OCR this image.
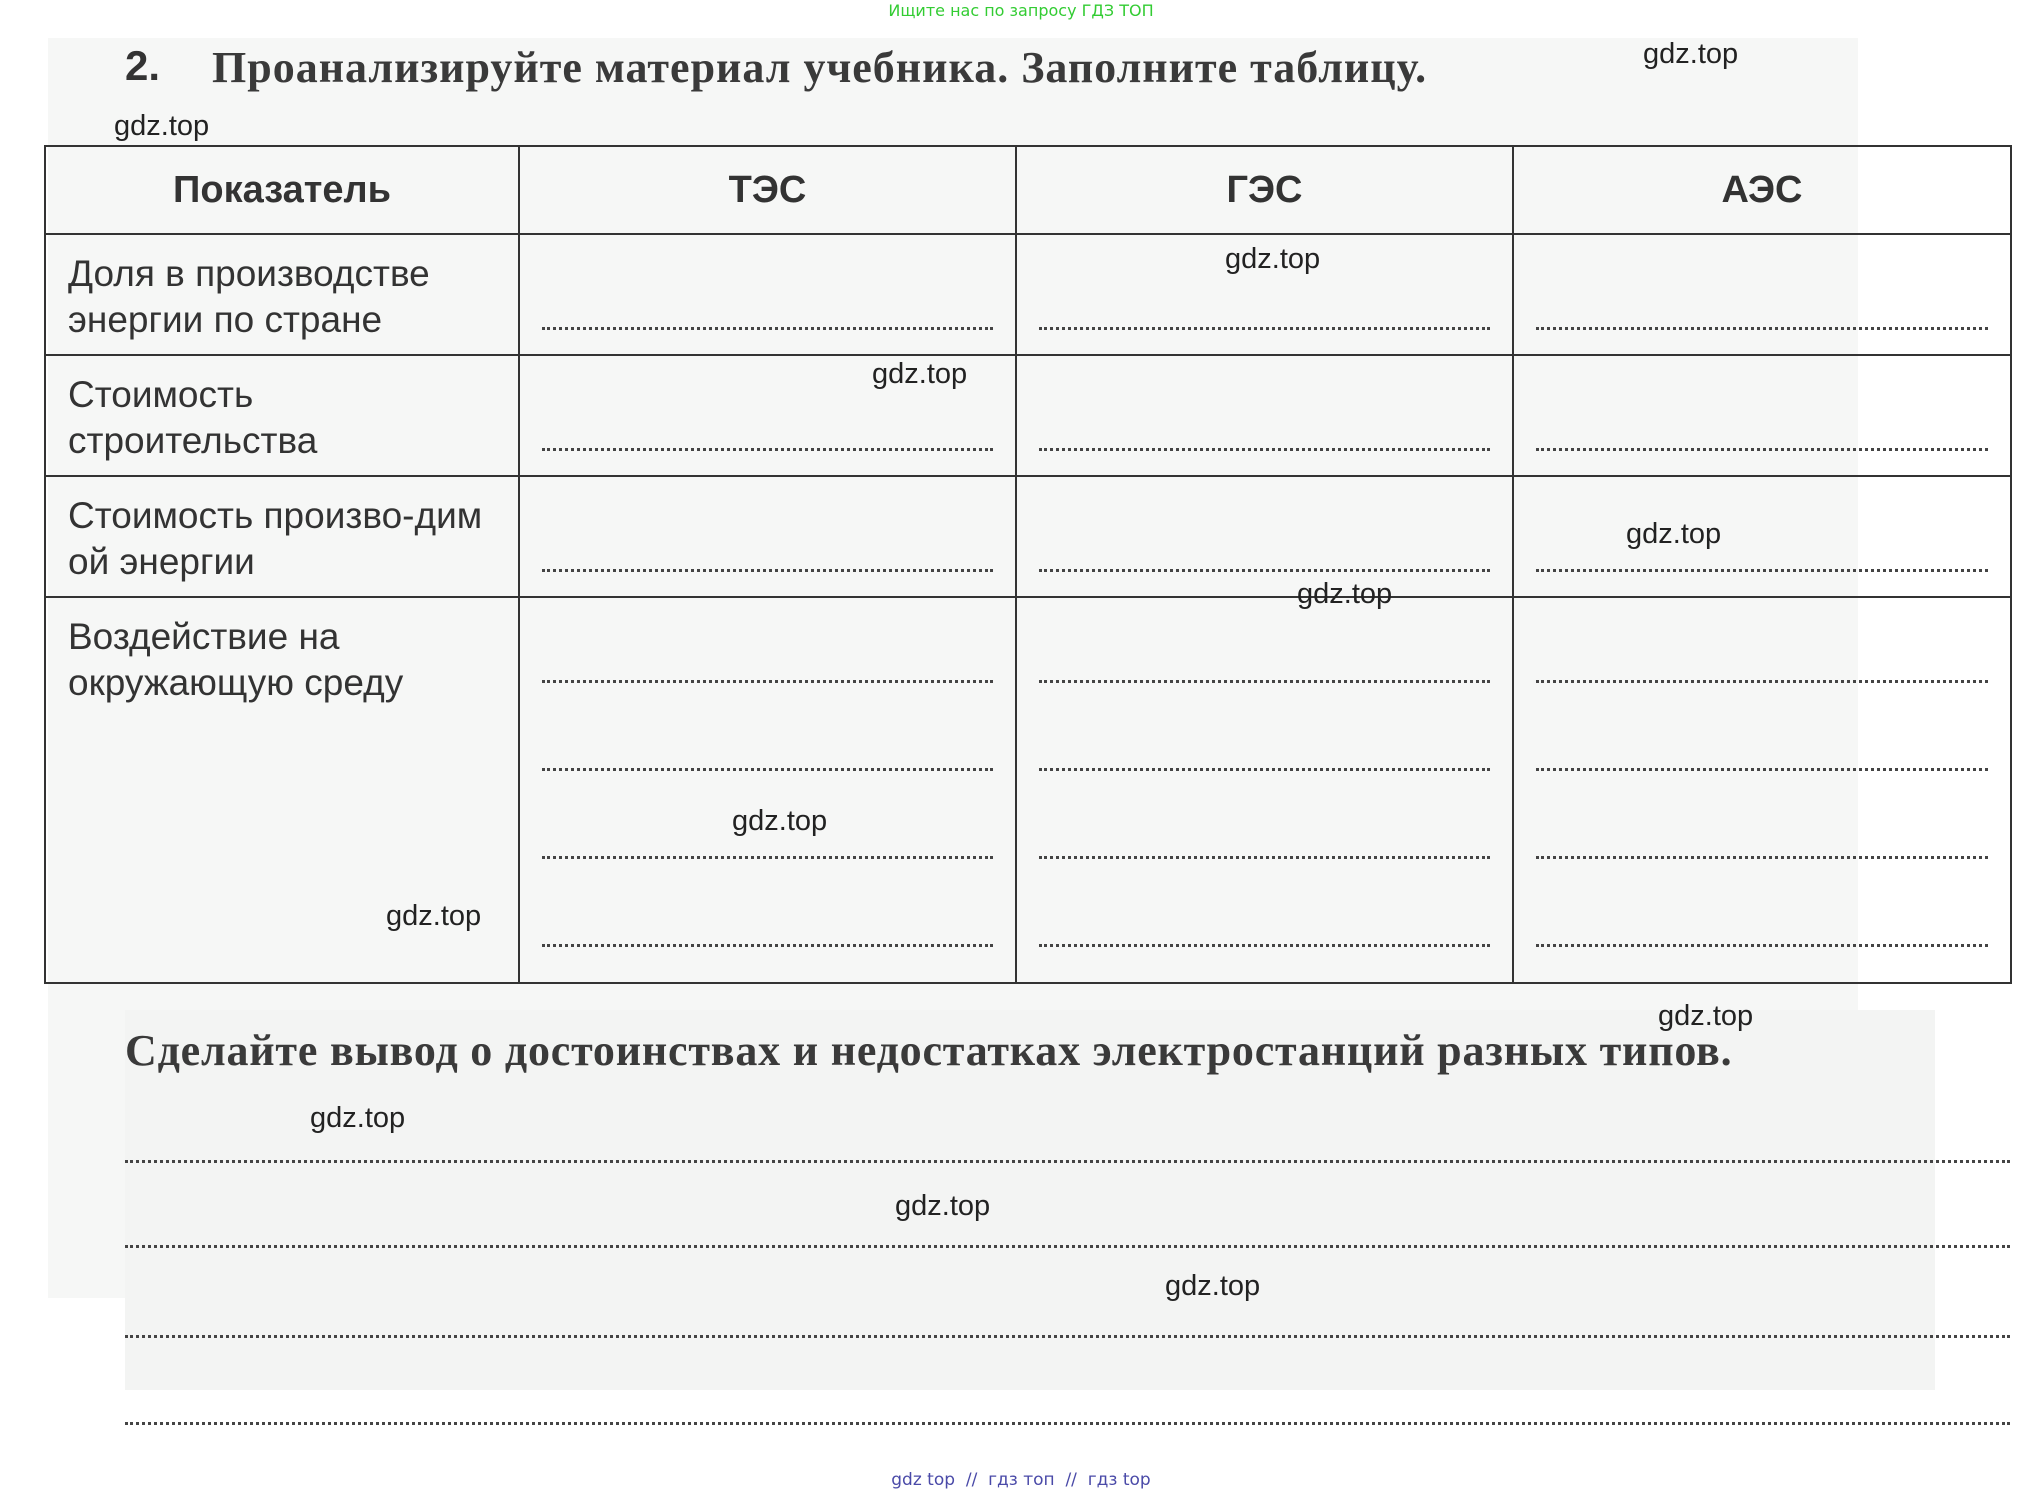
Ищите нас по запросу ГДЗ ТОП
2. Проанализируйте материал учебника. Заполните таблицу.
Показатель	ТЭС	ГЭС	АЭС

Доля в производстве энергии по стране			

Стоимость строительства			

Стоимость произво-димой энергии			

Воздействие на окружающую среду			

Сделайте вывод о достоинствах и недостатках электростанций разных типов.
gdz.top
gdz.top
gdz.top
gdz.top
gdz.top
gdz.top
gdz.top
gdz.top
gdz.top
gdz.top
gdz.top
gdz.top
gdz top  //  гдз топ  //  гдз top
